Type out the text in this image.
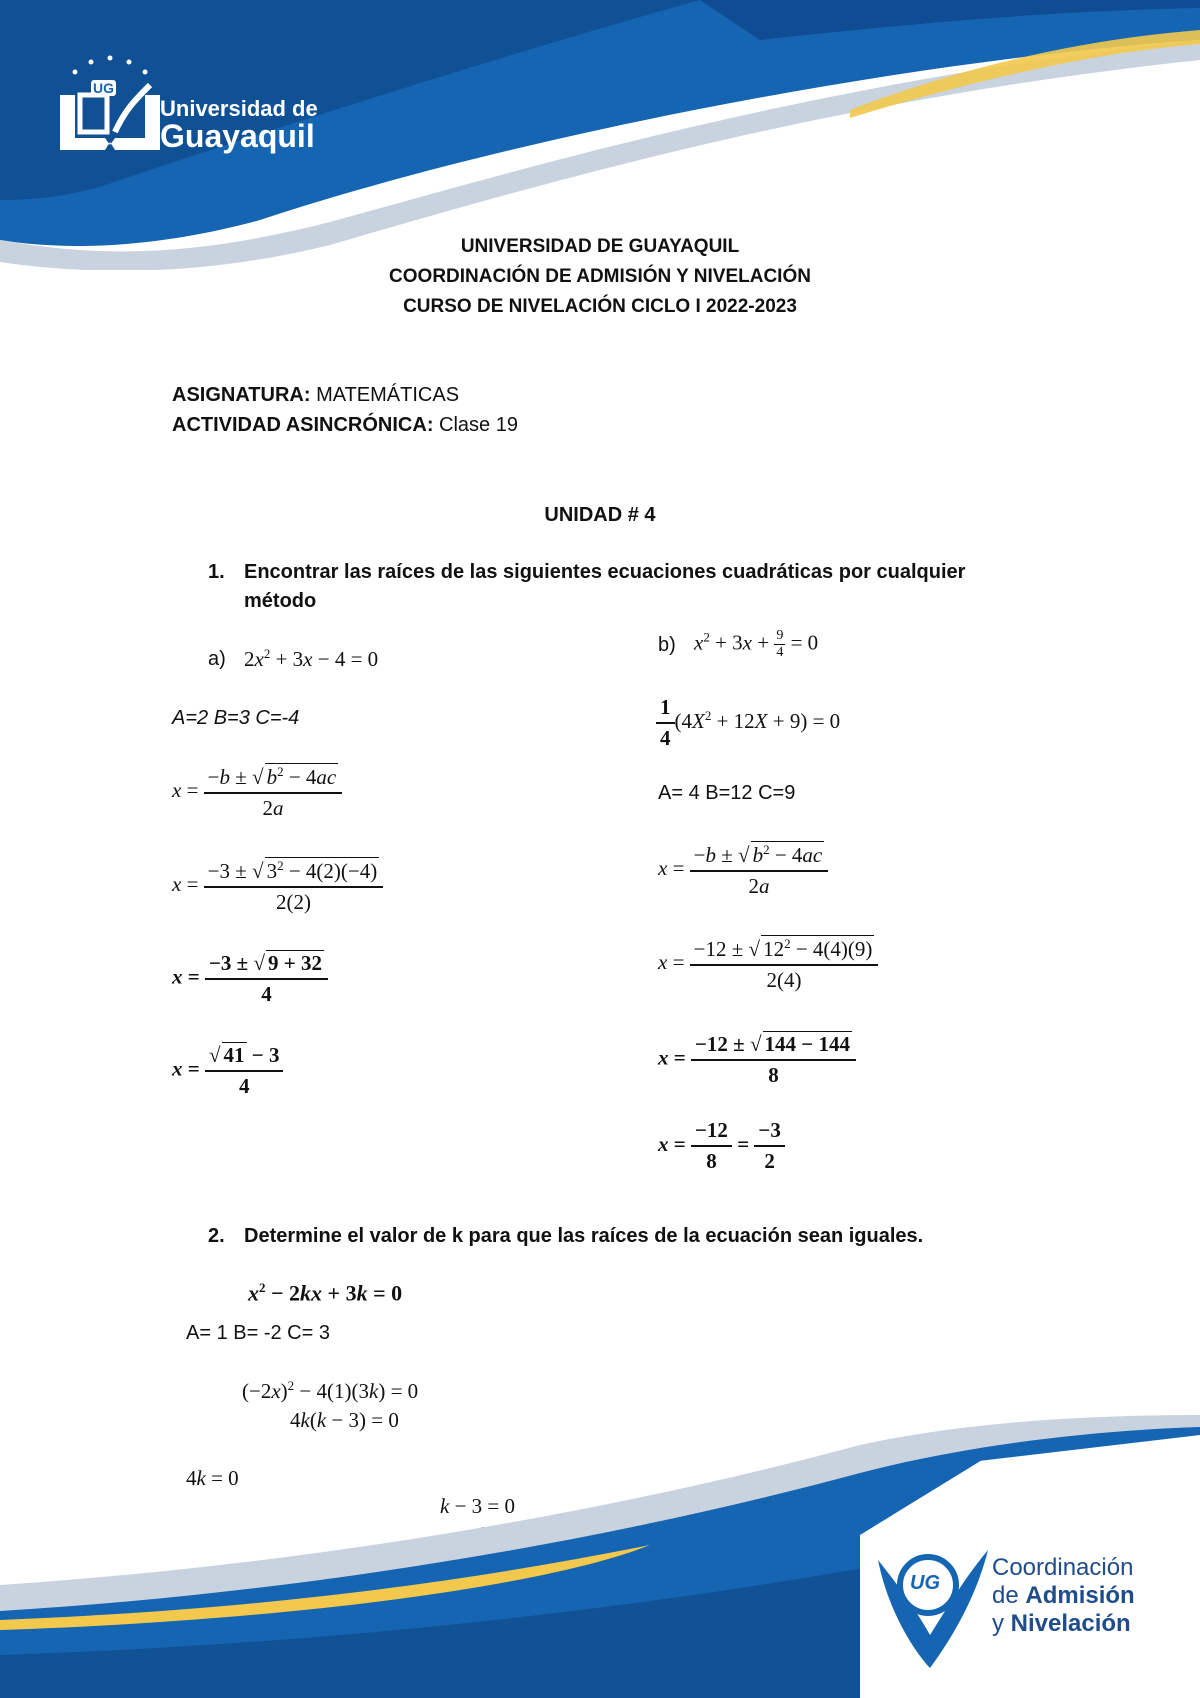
UG
Universidad de
Guayaquil
UNIVERSIDAD DE GUAYAQUIL
COORDINACIÓN DE ADMISIÓN Y NIVELACIÓN
CURSO DE NIVELACIÓN CICLO I 2022-2023
ASIGNATURA: MATEMÁTICAS
ACTIVIDAD ASINCRÓNICA: Clase 19
UNIDAD # 4
1. Encontrar las raíces de las siguientes ecuaciones cuadráticas por cualquier
método
a) $2x^2 + 3x - 4 = 0$
A=2 B=3 C=-4
$x = \frac{-b \pm √ b^2 - 4ac}{2a}$
$x = \frac{-3 \pm √ 3^2 - 4(2)(-4)}{2(2)}$
$x = \frac{-3 \pm √ 9 + 32}{4}$
$x = \frac{√ 41 - 3}{4}$
b) $x^2 + 3x + \frac{9}{4} = 0$
$\frac{1}{4} (4X^2 + 12X + 9) = 0$
A= 4 B=12 C=9
$x = \frac{-b \pm √ b^2 - 4ac}{2a}$
$x = \frac{-12 \pm √ 12^2 - 4(4)(9)}{2(4)}$
$x = \frac{-12 \pm √ 144 - 144}{8}$
$x = \frac{-12}{8} = \frac{-3}{2}$
2. Determine el valor de k para que las raíces de la ecuación sean iguales.
$x^2 - 2kx + 3k = 0$
A= 1 B= -2 C= 3
$(-2x)^2 - 4(1)(3k) = 0$
4k(k − 3) = 0
4k = 0
k − 3 = 0
UG
Coordinación
de Admisión
y Nivelación
